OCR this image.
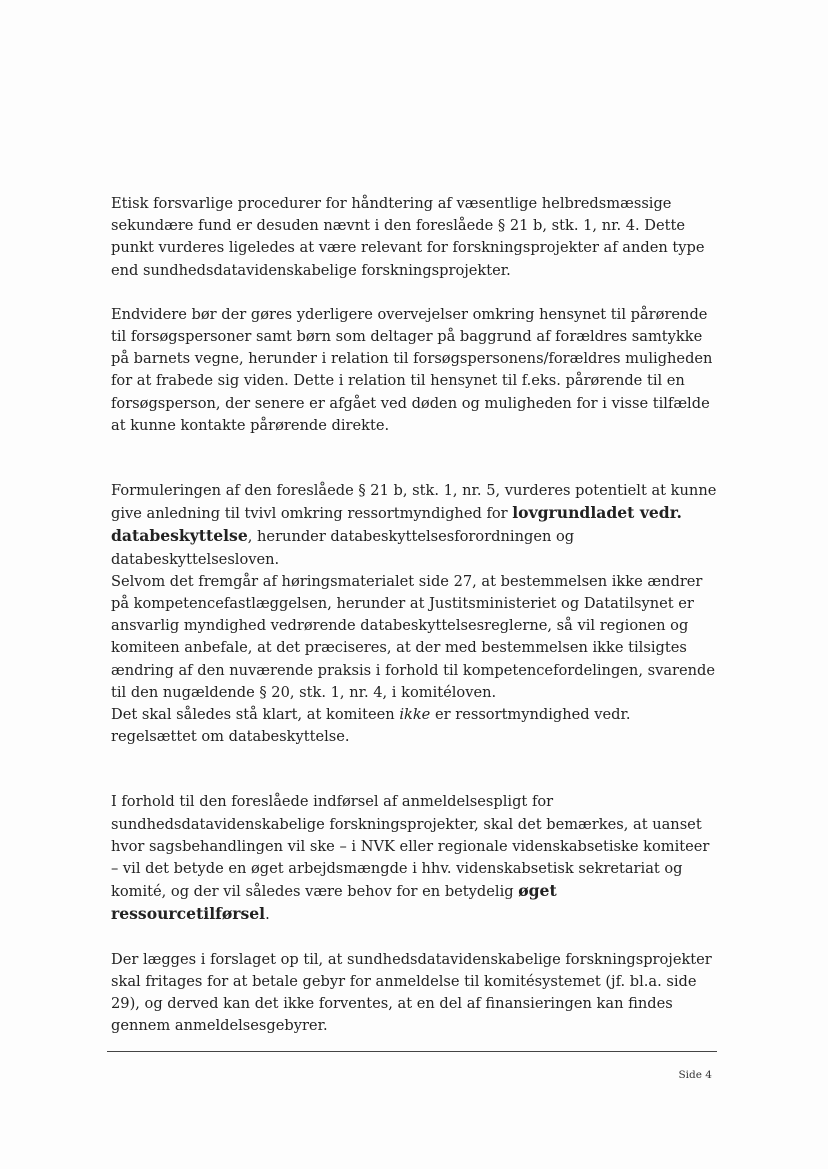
Etisk forsvarlige procedurer for håndtering af væsentlige helbredsmæssige sekundære fund er desuden nævnt i den foreslåede § 21 b, stk. 1, nr. 4. Dette punkt vurderes ligeledes at være relevant for forskningsprojekter af anden type end sundhedsdatavidenskabelige forskningsprojekter.

Endvidere bør der gøres yderligere overvejelser omkring hensynet til pårørende til forsøgspersoner samt børn som deltager på baggrund af forældres samtykke på barnets vegne, herunder i relation til forsøgspersonens/forældres muligheden for at frabede sig viden. Dette i relation til hensynet til f.eks. pårørende til en forsøgsperson, der senere er afgået ved døden og muligheden for i visse tilfælde at kunne kontakte pårørende direkte.

Formuleringen af den foreslåede § 21 b, stk. 1, nr. 5, vurderes potentielt at kunne give anledning til tvivl omkring ressortmyndighed for lovgrundladet vedr. databeskyttelse, herunder databeskyttelsesforordningen og databeskyttelsesloven.
Selvom det fremgår af høringsmaterialet side 27, at bestemmelsen ikke ændrer på kompetencefastlæggelsen, herunder at Justitsministeriet og Datatilsynet er ansvarlig myndighed vedrørende databeskyttelsesreglerne, så vil regionen og komiteen anbefale, at det præciseres, at der med bestemmelsen ikke tilsigtes ændring af den nuværende praksis i forhold til kompetencefordelingen, svarende til den nugældende § 20, stk. 1, nr. 4, i komitéloven.
Det skal således stå klart, at komiteen ikke er ressortmyndighed vedr. regelsættet om databeskyttelse.

I forhold til den foreslåede indførsel af anmeldelsespligt for sundhedsdatavidenskabelige forskningsprojekter, skal det bemærkes, at uanset hvor sagsbehandlingen vil ske – i NVK eller regionale videnskabsetiske komiteer – vil det betyde en øget arbejdsmængde i hhv. videnskabsetisk sekretariat og komité, og der vil således være behov for en betydelig øget ressourcetilførsel.

Der lægges i forslaget op til, at sundhedsdatavidenskabelige forskningsprojekter skal fritages for at betale gebyr for anmeldelse til komitésystemet (jf. bl.a. side 29), og derved kan det ikke forventes, at en del af finansieringen kan findes gennem anmeldelsesgebyrer.

Side 4
